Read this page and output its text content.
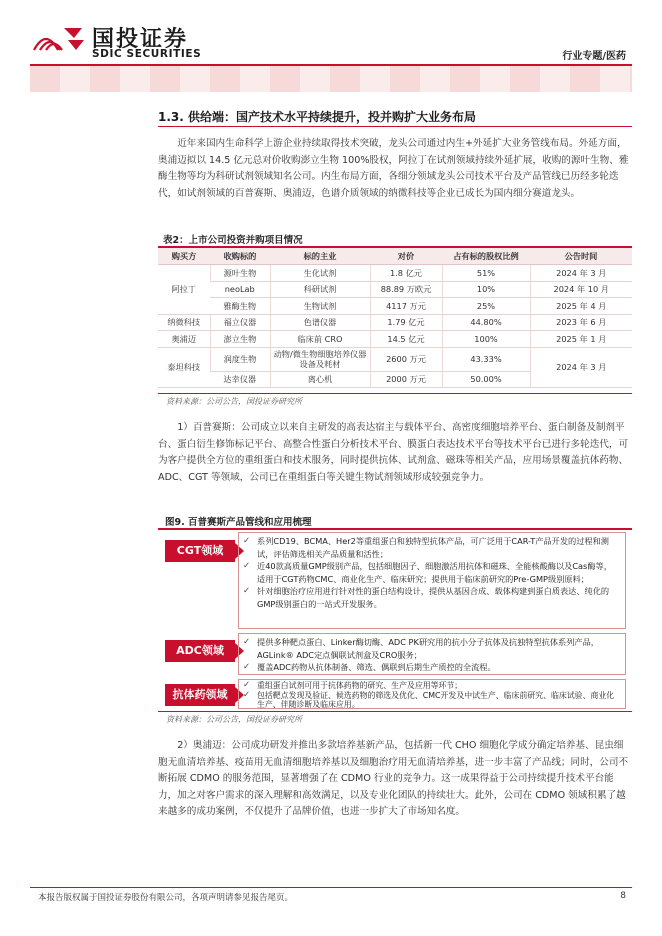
国投证券
SDIC SECURITIES	行业专题/医药
1.3. 供给端：国产技术水平持续提升，投并购扩大业务布局

近年来国内生命科学上游企业持续取得技术突破，龙头公司通过内生+外延扩大业务管线布局。外延方面，奥浦迈拟以 14.5 亿元总对价收购澎立生物 100%股权，阿拉丁在试剂领域持续外延扩展，收购的源叶生物、雅酶生物等均为科研试剂领域知名公司。内生布局方面，各细分领域龙头公司技术平台及产品管线已历经多轮迭代，如试剂领域的百普赛斯、奥浦迈，色谱介质领域的纳微科技等企业已成长为国内细分赛道龙头。

表2：上市公司投资并购项目情况
购买方	收购标的	标的主业	对价	占有标的股权比例	公告时间
阿拉丁	源叶生物	生化试剂	1.8 亿元	51%	2024 年 3 月
	neoLab	科研试剂	88.89 万欧元	10%	2024 年 10 月
	雅酶生物	生物试剂	4117 万元	25%	2025 年 4 月
纳微科技	福立仪器	色谱仪器	1.79 亿元	44.80%	2023 年 6 月
奥浦迈	澎立生物	临床前 CRO	14.5 亿元	100%	2025 年 1 月
泰坦科技	润度生物	动物/微生物细胞培养仪器设备及耗材	2600 万元	43.33%	2024 年 3 月
	达幸仪器	离心机	2000 万元	50.00%	
资料来源：公司公告，国投证券研究所

1）百普赛斯：公司成立以来自主研发的高表达宿主与载体平台、高密度细胞培养平台、蛋白制备及制剂平台、蛋白衍生修饰标记平台、高整合性蛋白分析技术平台、膜蛋白表达技术平台等技术平台已进行多轮迭代，可为客户提供全方位的重组蛋白和技术服务，同时提供抗体、试剂盒、磁珠等相关产品，应用场景覆盖抗体药物、ADC、CGT 等领域，公司已在重组蛋白等关键生物试剂领域形成较强竞争力。

图9. 百普赛斯产品管线和应用梳理
CGT领域
✓ 系列CD19、BCMA、Her2等重组蛋白和独特型抗体产品，可广泛用于CAR-T产品开发的过程和测试，评估筛选相关产品质量和活性；
✓ 近40款高质量GMP级别产品，包括细胞因子、细胞激活用抗体和磁珠、全能核酸酶以及Cas酶等，适用于CGT药物CMC、商业化生产、临床研究；提供用于临床前研究的Pre-GMP级别原料；
✓ 针对细胞治疗应用进行针对性的蛋白结构设计，提供从基因合成、载体构建到蛋白质表达、纯化的GMP级别蛋白的一站式开发服务。
ADC领域
✓ 提供多种靶点蛋白、Linker酶切酶、ADC PK研究用的抗小分子抗体及抗独特型抗体系列产品，AGLink® ADC定点偶联试剂盒及CRO服务；
✓ 覆盖ADC药物从抗体制备、筛选、偶联到后期生产质控的全流程。
抗体药领域
✓ 重组蛋白试剂可用于抗体药物的研究、生产及应用等环节；
✓ 包括靶点发现及验证、候选药物的筛选及优化、CMC开发及中试生产、临床前研究、临床试验、商业化生产、伴随诊断及临床应用。
资料来源：公司公告，国投证券研究所

2）奥浦迈：公司成功研发并推出多款培养基新产品，包括新一代 CHO 细胞化学成分确定培养基、昆虫细胞无血清培养基、疫苗用无血清细胞培养基以及细胞治疗用无血清培养基，进一步丰富了产品线；同时，公司不断拓展 CDMO 的服务范围，显著增强了在 CDMO 行业的竞争力。这一成果得益于公司持续提升技术平台能力，加之对客户需求的深入理解和高效满足，以及专业化团队的持续壮大。此外，公司在 CDMO 领域积累了越来越多的成功案例，不仅提升了品牌价值，也进一步扩大了市场知名度。

本报告版权属于国投证券股份有限公司，各项声明请参见报告尾页。	8
